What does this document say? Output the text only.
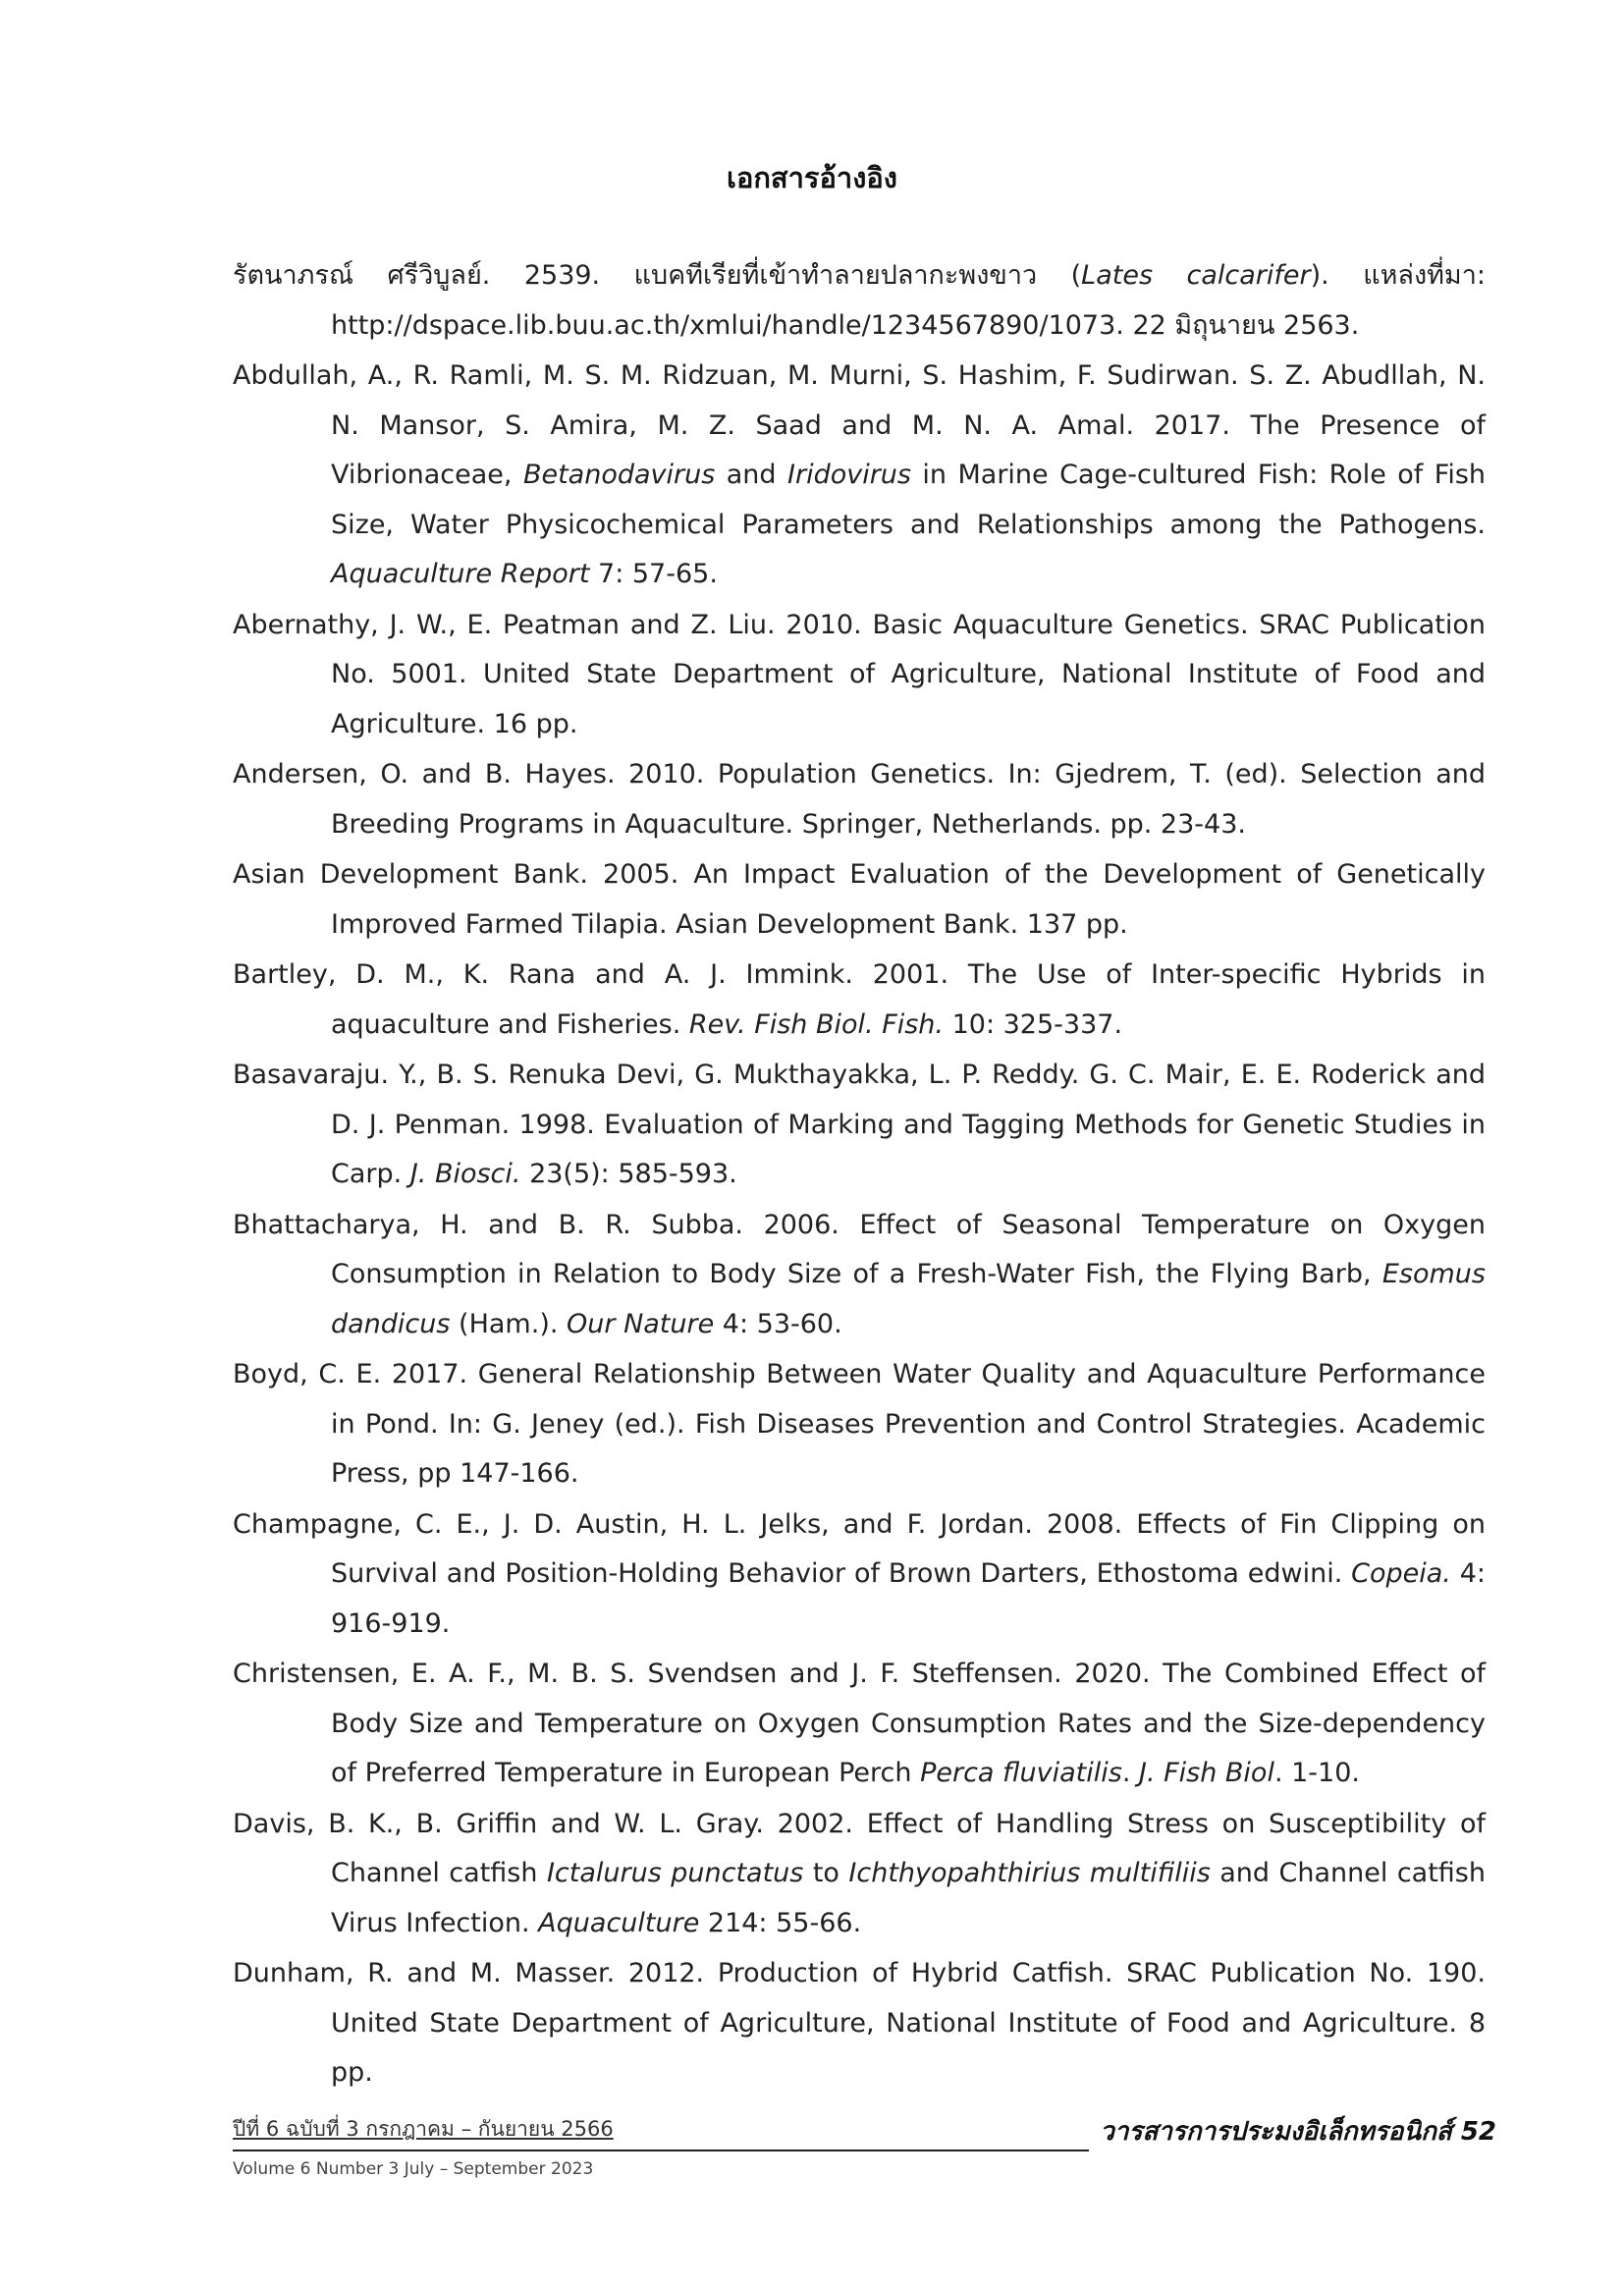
เอกสารอ้างอิง

รัตนาภรณ์ ศรีวิบูลย์. 2539. แบคทีเรียที่เข้าทำลายปลากะพงขาว (Lates calcarifer). แหล่งที่มา: http://dspace.lib.buu.ac.th/xmlui/handle/1234567890/1073. 22 มิถุนายน 2563.

Abdullah, A., R. Ramli, M. S. M. Ridzuan, M. Murni, S. Hashim, F. Sudirwan. S. Z. Abudllah, N. N. Mansor, S. Amira, M. Z. Saad and M. N. A. Amal. 2017. The Presence of Vibrionaceae, Betanodavirus and Iridovirus in Marine Cage-cultured Fish: Role of Fish Size, Water Physicochemical Parameters and Relationships among the Pathogens. Aquaculture Report 7: 57-65.

Abernathy, J. W., E. Peatman and Z. Liu. 2010. Basic Aquaculture Genetics. SRAC Publication No. 5001. United State Department of Agriculture, National Institute of Food and Agriculture. 16 pp.

Andersen, O. and B. Hayes. 2010. Population Genetics. In: Gjedrem, T. (ed). Selection and Breeding Programs in Aquaculture. Springer, Netherlands. pp. 23-43.

Asian Development Bank. 2005. An Impact Evaluation of the Development of Genetically Improved Farmed Tilapia. Asian Development Bank. 137 pp.

Bartley, D. M., K. Rana and A. J. Immink. 2001. The Use of Inter-specific Hybrids in aquaculture and Fisheries. Rev. Fish Biol. Fish. 10: 325-337.

Basavaraju. Y., B. S. Renuka Devi, G. Mukthayakka, L. P. Reddy. G. C. Mair, E. E. Roderick and D. J. Penman. 1998. Evaluation of Marking and Tagging Methods for Genetic Studies in Carp. J. Biosci. 23(5): 585-593.

Bhattacharya, H. and B. R. Subba. 2006. Effect of Seasonal Temperature on Oxygen Consumption in Relation to Body Size of a Fresh-Water Fish, the Flying Barb, Esomus dandicus (Ham.). Our Nature 4: 53-60.

Boyd, C. E. 2017. General Relationship Between Water Quality and Aquaculture Performance in Pond. In: G. Jeney (ed.). Fish Diseases Prevention and Control Strategies. Academic Press, pp 147-166.

Champagne, C. E., J. D. Austin, H. L. Jelks, and F. Jordan. 2008. Effects of Fin Clipping on Survival and Position-Holding Behavior of Brown Darters, Ethostoma edwini. Copeia. 4: 916-919.

Christensen, E. A. F., M. B. S. Svendsen and J. F. Steffensen. 2020. The Combined Effect of Body Size and Temperature on Oxygen Consumption Rates and the Size-dependency of Preferred Temperature in European Perch Perca fluviatilis. J. Fish Biol. 1-10.

Davis, B. K., B. Griffin and W. L. Gray. 2002. Effect of Handling Stress on Susceptibility of Channel catfish Ictalurus punctatus to Ichthyopahthirius multifiliis and Channel catfish Virus Infection. Aquaculture 214: 55-66.

Dunham, R. and M. Masser. 2012. Production of Hybrid Catfish. SRAC Publication No. 190. United State Department of Agriculture, National Institute of Food and Agriculture. 8 pp.

ปีที่ 6 ฉบับที่ 3 กรกฎาคม – กันยายน 2566
Volume 6 Number 3 July – September 2023
วารสารการประมงอิเล็กทรอนิกส์ 52
